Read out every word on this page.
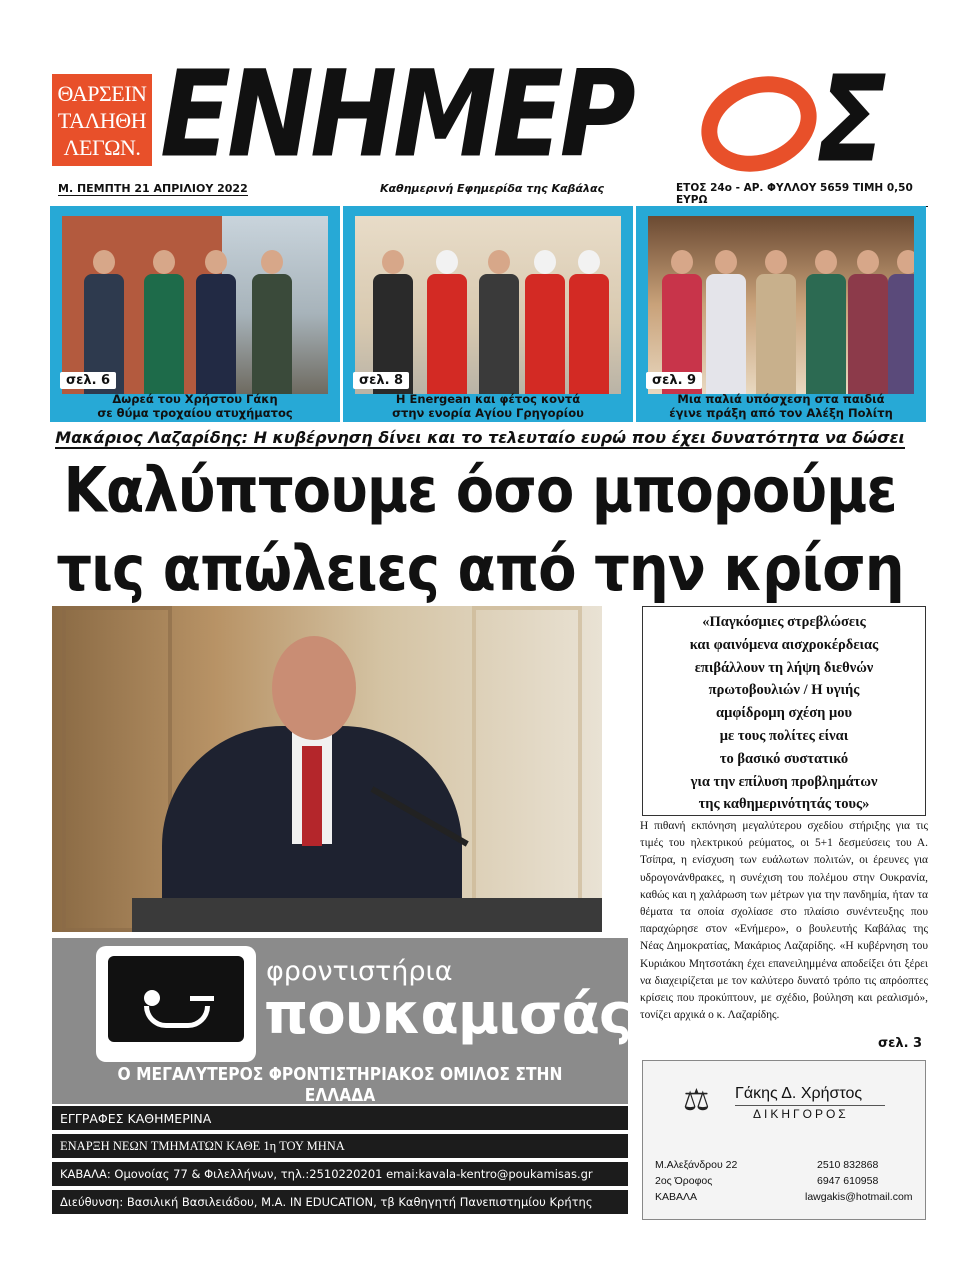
ΘΑΡΣΕΙΝ
ΤΑΛΗΘΗ
ΛΕΓΩΝ. ΕΝΗΜΕΡ Σ
Μ. ΠΕΜΠΤΗ 21 ΑΠΡΙΛΙΟΥ 2022	Καθημερινή Εφημερίδα της Καβάλας	ΕΤΟΣ 24ο - ΑΡ. ΦΥΛΛΟΥ 5659 ΤΙΜΗ 0,50 ΕΥΡΩ
σελ. 6
Δωρεά του Χρήστου Γάκη
σε θύμα τροχαίου ατυχήματος
σελ. 8
Η Energean και φέτος κοντά
στην ενορία Αγίου Γρηγορίου
σελ. 9
Μια παλιά υπόσχεση στα παιδιά
έγινε πράξη από τον Αλέξη Πολίτη
Μακάριος Λαζαρίδης: Η κυβέρνηση δίνει και το τελευταίο ευρώ που έχει δυνατότητα να δώσει
Καλύπτουμε όσο μπορούμε
τις απώλειες από την κρίση
«Παγκόσμιες στρεβλώσεις
και φαινόμενα αισχροκέρδειας
επιβάλλουν τη λήψη διεθνών
πρωτοβουλιών / Η υγιής
αμφίδρομη σχέση μου
με τους πολίτες είναι
το βασικό συστατικό
για την επίλυση προβλημάτων
της καθημερινότητάς τους»
Η πιθανή εκπόνηση μεγαλύτερου σχεδίου στήριξης για τις τιμές του ηλεκτρικού ρεύματος, οι 5+1 δεσμεύσεις του Α. Τσίπρα, η ενίσχυση των ευάλωτων πολιτών, οι έρευνες για υδρογονάνθρακες, η συνέχιση του πολέμου στην Ουκρανία, καθώς και η χαλάρωση των μέτρων για την πανδημία, ήταν τα θέματα τα οποία σχολίασε στο πλαίσιο συνέντευξης που παραχώρησε στον «Ενήμερο», ο βουλευτής Καβάλας της Νέας Δημοκρατίας, Μακάριος Λαζαρίδης. «Η κυβέρνηση του Κυριάκου Μητσοτάκη έχει επανειλημμένα αποδείξει ότι ξέρει να διαχειρίζεται με τον καλύτερο δυνατό τρόπο τις απρόοπτες κρίσεις που προκύπτουν, με σχέδιο, βούληση και ρεαλισμό», τονίζει αρχικά ο κ. Λαζαρίδης.
σελ. 3
φροντιστήρια
πουκαμισάς
Ο ΜΕΓΑΛΥΤΕΡΟΣ ΦΡΟΝΤΙΣΤΗΡΙΑΚΟΣ ΟΜΙΛΟΣ ΣΤΗΝ ΕΛΛΑΔΑ
ΕΓΓΡΑΦΕΣ ΚΑΘΗΜΕΡΙΝΑ
ΕΝΑΡΞΗ ΝΕΩΝ ΤΜΗΜΑΤΩΝ ΚΑΘΕ 1η ΤΟΥ ΜΗΝΑ
ΚΑΒΑΛΑ: Ομονοίας 77 & Φιλελλήνων, τηλ.:2510220201 emai:kavala-kentro@poukamisas.gr
Διεύθυνση: Βασιλική Βασιλειάδου, Μ.Α. IN EDUCATION, τβ Καθηγητή Πανεπιστημίου Κρήτης
⚖ Γάκης Δ. Χρήστος
ΔΙΚΗΓΟΡΟΣ
Μ.Αλεξάνδρου 22
2ος Όροφος
ΚΑΒΑΛΑ
2510 832868
6947 610958
lawgakis@hotmail.com
